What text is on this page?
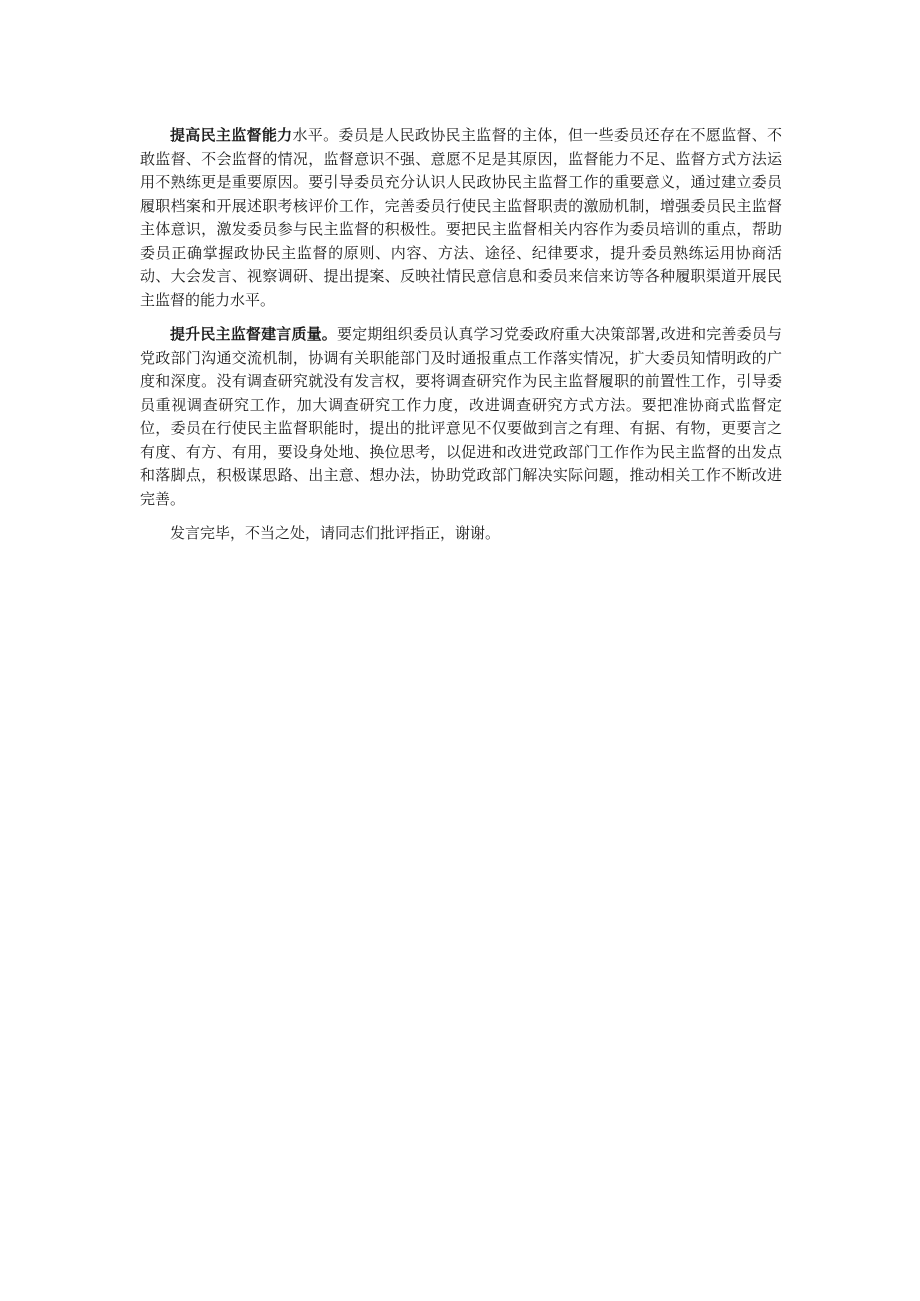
提高民主监督能力水平。委员是人民政协民主监督的主体，但一些委员还存在不愿监督、不敢监督、不会监督的情况，监督意识不强、意愿不足是其原因，监督能力不足、监督方式方法运用不熟练更是重要原因。要引导委员充分认识人民政协民主监督工作的重要意义，通过建立委员履职档案和开展述职考核评价工作，完善委员行使民主监督职责的激励机制，增强委员民主监督主体意识，激发委员参与民主监督的积极性。要把民主监督相关内容作为委员培训的重点，帮助委员正确掌握政协民主监督的原则、内容、方法、途径、纪律要求，提升委员熟练运用协商活动、大会发言、视察调研、提出提案、反映社情民意信息和委员来信来访等各种履职渠道开展民主监督的能力水平。

提升民主监督建言质量。要定期组织委员认真学习党委政府重大决策部署,改进和完善委员与党政部门沟通交流机制，协调有关职能部门及时通报重点工作落实情况，扩大委员知情明政的广度和深度。没有调查研究就没有发言权，要将调查研究作为民主监督履职的前置性工作，引导委员重视调查研究工作，加大调查研究工作力度，改进调查研究方式方法。要把准协商式监督定位，委员在行使民主监督职能时，提出的批评意见不仅要做到言之有理、有据、有物，更要言之有度、有方、有用，要设身处地、换位思考，以促进和改进党政部门工作作为民主监督的出发点和落脚点，积极谋思路、出主意、想办法，协助党政部门解决实际问题，推动相关工作不断改进完善。

发言完毕，不当之处，请同志们批评指正，谢谢。
